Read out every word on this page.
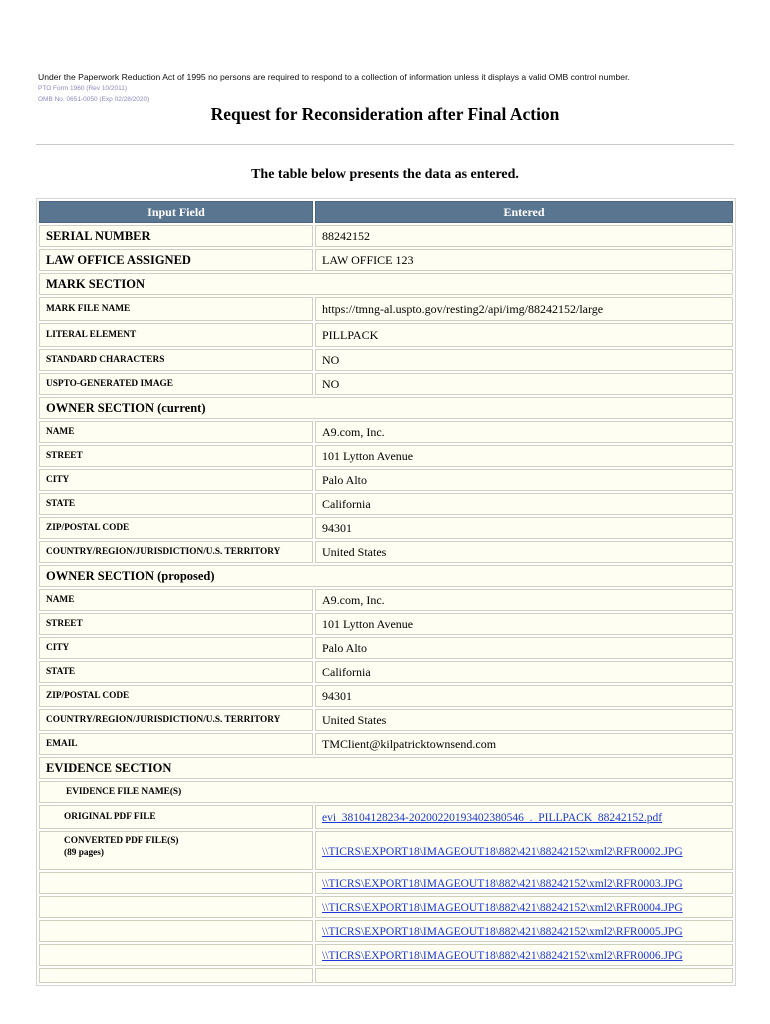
Under the Paperwork Reduction Act of 1995 no persons are required to respond to a collection of information unless it displays a valid OMB control number.
PTO Form 1960 (Rev 10/2011)
OMB No. 0651-0050 (Exp 02/28/2020)
Request for Reconsideration after Final Action
The table below presents the data as entered.
Input Field	Entered
SERIAL NUMBER	88242152
LAW OFFICE ASSIGNED	LAW OFFICE 123
MARK SECTION	
MARK FILE NAME	https://tmng-al.uspto.gov/resting2/api/img/88242152/large
LITERAL ELEMENT	PILLPACK
STANDARD CHARACTERS	NO
USPTO-GENERATED IMAGE	NO
OWNER SECTION (current)	
NAME	A9.com, Inc.
STREET	101 Lytton Avenue
CITY	Palo Alto
STATE	California
ZIP/POSTAL CODE	94301
COUNTRY/REGION/JURISDICTION/U.S. TERRITORY	United States
OWNER SECTION (proposed)	
NAME	A9.com, Inc.
STREET	101 Lytton Avenue
CITY	Palo Alto
STATE	California
ZIP/POSTAL CODE	94301
COUNTRY/REGION/JURISDICTION/U.S. TERRITORY	United States
EMAIL	TMClient@kilpatricktownsend.com
EVIDENCE SECTION	
EVIDENCE FILE NAME(S)	
ORIGINAL PDF FILE	evi_38104128234-20200220193402380546_._PILLPACK_88242152.pdf

CONVERTED PDF FILE(S)
(89 pages)	\\TICRS\EXPORT18\IMAGEOUT18\882\421\88242152\xml2\RFR0002.JPG
	\\TICRS\EXPORT18\IMAGEOUT18\882\421\88242152\xml2\RFR0003.JPG
	\\TICRS\EXPORT18\IMAGEOUT18\882\421\88242152\xml2\RFR0004.JPG
	\\TICRS\EXPORT18\IMAGEOUT18\882\421\88242152\xml2\RFR0005.JPG
	\\TICRS\EXPORT18\IMAGEOUT18\882\421\88242152\xml2\RFR0006.JPG
